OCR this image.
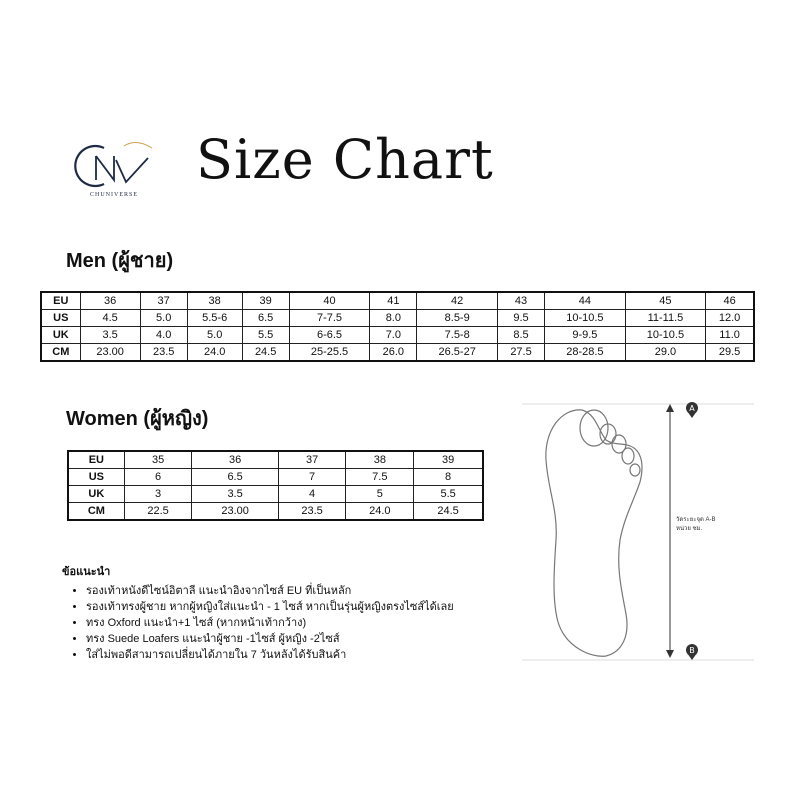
CHUNIVERSE
Size Chart
Men (ผู้ชาย)
EU	36	37	38	39	40	41	42	43	44	45	46
US	4.5	5.0	5.5-6	6.5	7-7.5	8.0	8.5-9	9.5	10-10.5	11-11.5	12.0
UK	3.5	4.0	5.0	5.5	6-6.5	7.0	7.5-8	8.5	9-9.5	10-10.5	11.0
CM	23.00	23.5	24.0	24.5	25-25.5	26.0	26.5-27	27.5	28-28.5	29.0	29.5
Women (ผู้หญิง)
EU	35	36	37	38	39
US	6	6.5	7	7.5	8
UK	3	3.5	4	5	5.5
CM	22.5	23.00	23.5	24.0	24.5
ข้อแนะนำ
• รองเท้าหนังดีไซน์อิตาลี แนะนำอิงจากไซส์ EU ที่เป็นหลัก
• รองเท้าทรงผู้ชาย หากผู้หญิงใส่แนะนำ - 1 ไซส์ หากเป็นรุ่นผู้หญิงตรงไซส์ได้เลย
• ทรง Oxford แนะนำ+1 ไซส์ (หากหน้าเท้ากว้าง)
• ทรง Suede Loafers แนะนำผู้ชาย -1ไซส์ ผู้หญิง -2ไซส์
• ใส่ไม่พอดีสามารถเปลี่ยนได้ภายใน 7 วันหลังได้รับสินค้า
A
B
วัดระยะจุด A-B
หน่วย ซม.
